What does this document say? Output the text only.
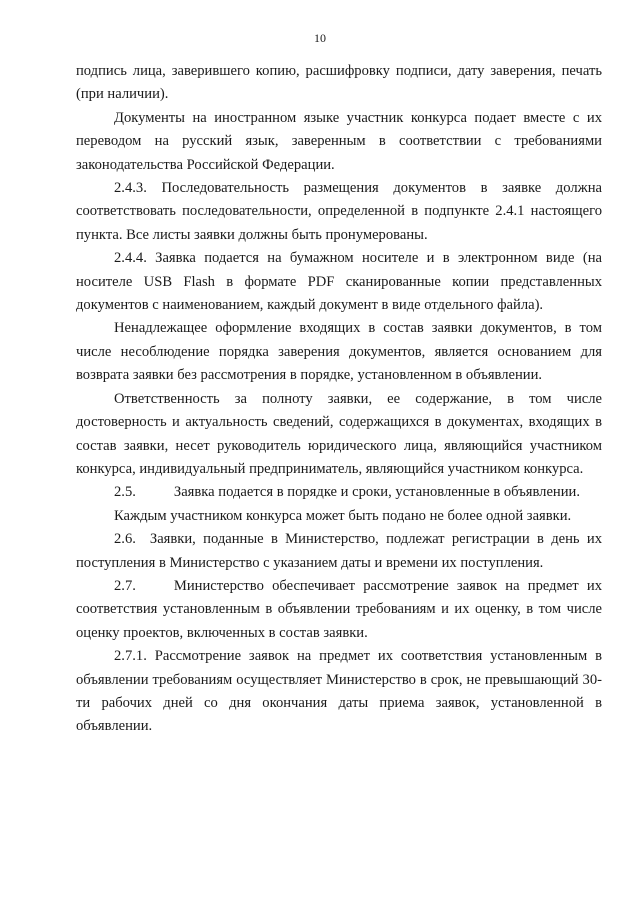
10

подпись лица, заверившего копию, расшифровку подписи, дату заверения, печать (при наличии).

Документы на иностранном языке участник конкурса подает вместе с их переводом на русский язык, заверенным в соответствии с требованиями законодательства Российской Федерации.

2.4.3. Последовательность размещения документов в заявке должна соответствовать последовательности, определенной в подпункте 2.4.1 настоящего пункта. Все листы заявки должны быть пронумерованы.

2.4.4. Заявка подается на бумажном носителе и в электронном виде (на носителе USB Flash в формате PDF сканированные копии представленных документов с наименованием, каждый документ в виде отдельного файла).

Ненадлежащее оформление входящих в состав заявки документов, в том числе несоблюдение порядка заверения документов, является основанием для возврата заявки без рассмотрения в порядке, установленном в объявлении.

Ответственность за полноту заявки, ее содержание, в том числе достоверность и актуальность сведений, содержащихся в документах, входящих в состав заявки, несет руководитель юридического лица, являющийся участником конкурса, индивидуальный предприниматель, являющийся участником конкурса.

2.5.	Заявка подается в порядке и сроки, установленные в объявлении.

Каждым участником конкурса может быть подано не более одной заявки.

2.6. Заявки, поданные в Министерство, подлежат регистрации в день их поступления в Министерство с указанием даты и времени их поступления.

2.7.	Министерство обеспечивает рассмотрение заявок на предмет их соответствия установленным в объявлении требованиям и их оценку, в том числе оценку проектов, включенных в состав заявки.

2.7.1. Рассмотрение заявок на предмет их соответствия установленным в объявлении требованиям осуществляет Министерство в срок, не превышающий 30-ти рабочих дней со дня окончания даты приема заявок, установленной в объявлении.
